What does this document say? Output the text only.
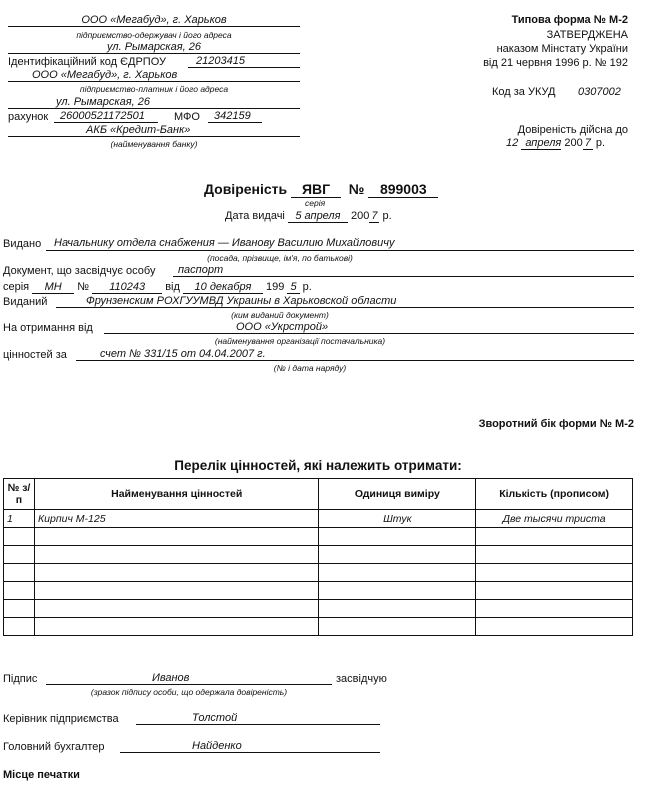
ООО «Мегабуд», г. Харьков
підприємство-одержувач і його адреса
ул. Рымарская, 26
Ідентифікаційний код ЄДРПОУ	21203415
ООО «Мегабуд», г. Харьков
підприємство-платник і його адреса
ул. Рымарская, 26
рахунок 26000521172501	МФО 342159
АКБ «Кредит-Банк»
(найменування банку)
Типова форма № М-2
ЗАТВЕРДЖЕНА
наказом Мінстату України
від 21 червня 1996 р. № 192
Код за УКУД 0307002
Довіреність дійсна до
12 апреля 200 7 р.
Довіреність ЯВГ № 899003
серія
Дата видачі 5 апреля 200 7 р.
Видано Начальнику отдела снабжения — Иванову Василию Михайловичу
(посада, прізвище, ім'я, по батькові)
Документ, що засвідчує особу паспорт
серія МН № 110243 від 10 декабря 199 5 р.
Виданий	Фрунзенским РОХГУУМВД Украины в Харьковской области
(ким виданий документ)
На отримання від	ООО «Укрстрой»
(найменування організації постачальника)
цінностей за	счет № 331/15 от 04.04.2007 г.
(№ і дата наряду)
Зворотний бік форми № М-2
Перелік цінностей, які належить отримати:
№ з/п	Найменування цінностей	Одиниця виміру	Кількість (прописом)
1	Кирпич М-125	Штук	Две тысячи триста

Підпис	Иванов	засвідчую
(зразок підпису особи, що одержала довіреність)
Керівник підприємства	Толстой
Головний бухгалтер	Найденко
Місце печатки
